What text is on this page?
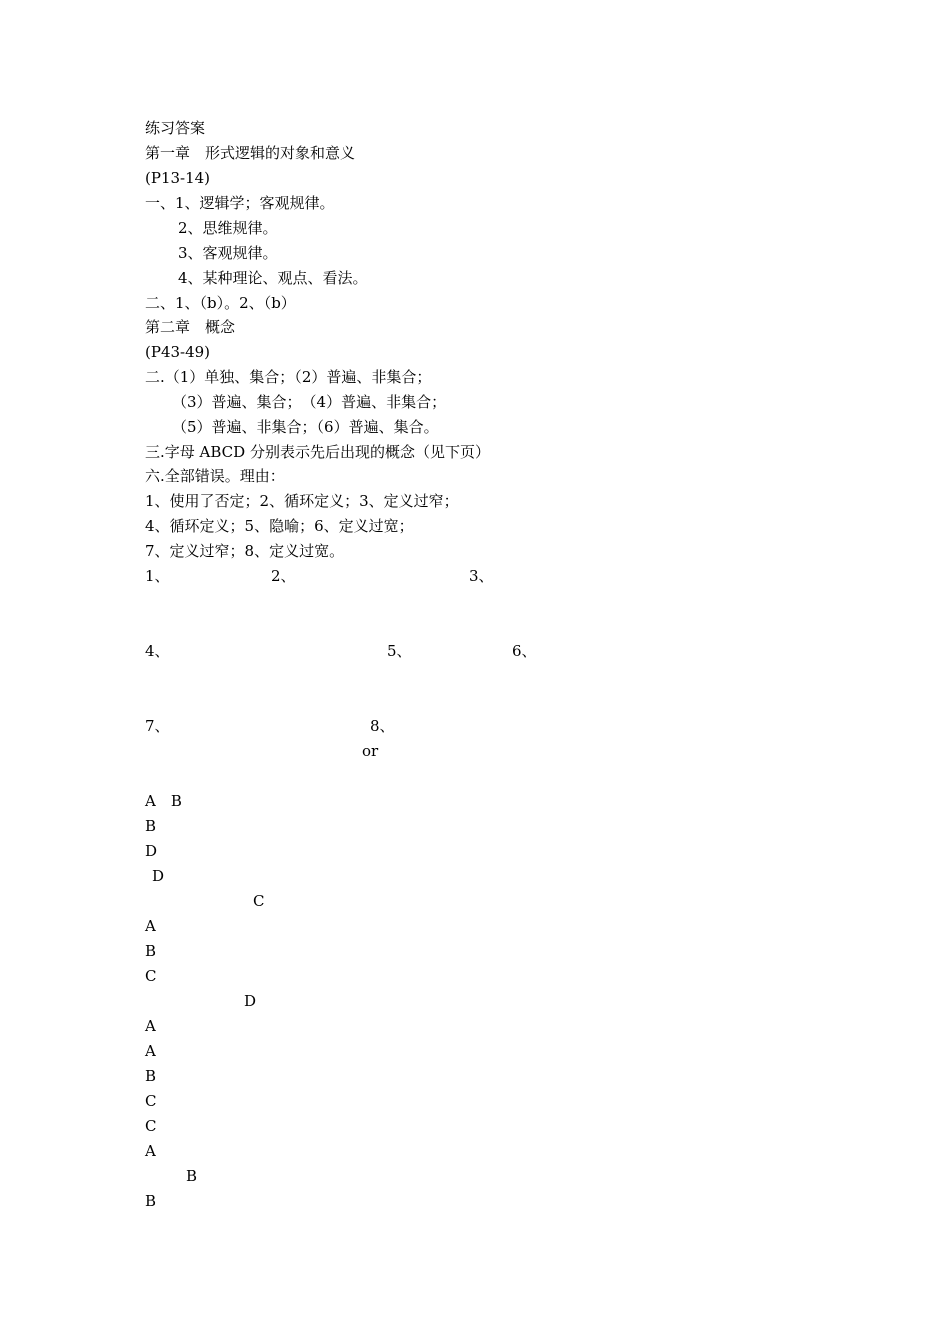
练习答案
第一章　形式逻辑的对象和意义
(P13-14)
一、1、逻辑学；客观规律。
2、思维规律。
3、客观规律。
4、某种理论、观点、看法。
二、1、（b）。2、（b）
第二章　概念
(P43-49)
二.（1）单独、集合；（2）普遍、非集合；
（3）普遍、集合；　（4）普遍、非集合；
（5）普遍、非集合；（6）普遍、集合。
三.字母 ABCD 分别表示先后出现的概念（见下页）
六.全部错误。理由：
1、使用了否定；2、循环定义；3、定义过窄；
4、循环定义；5、隐喻；6、定义过宽；
7、定义过窄；8、定义过宽。
1、	2、	3、
4、	5、	6、
7、	8、
or
A　B
B
D
D
C
A
B
C
D
A
A
B
C
C
A
B
B
